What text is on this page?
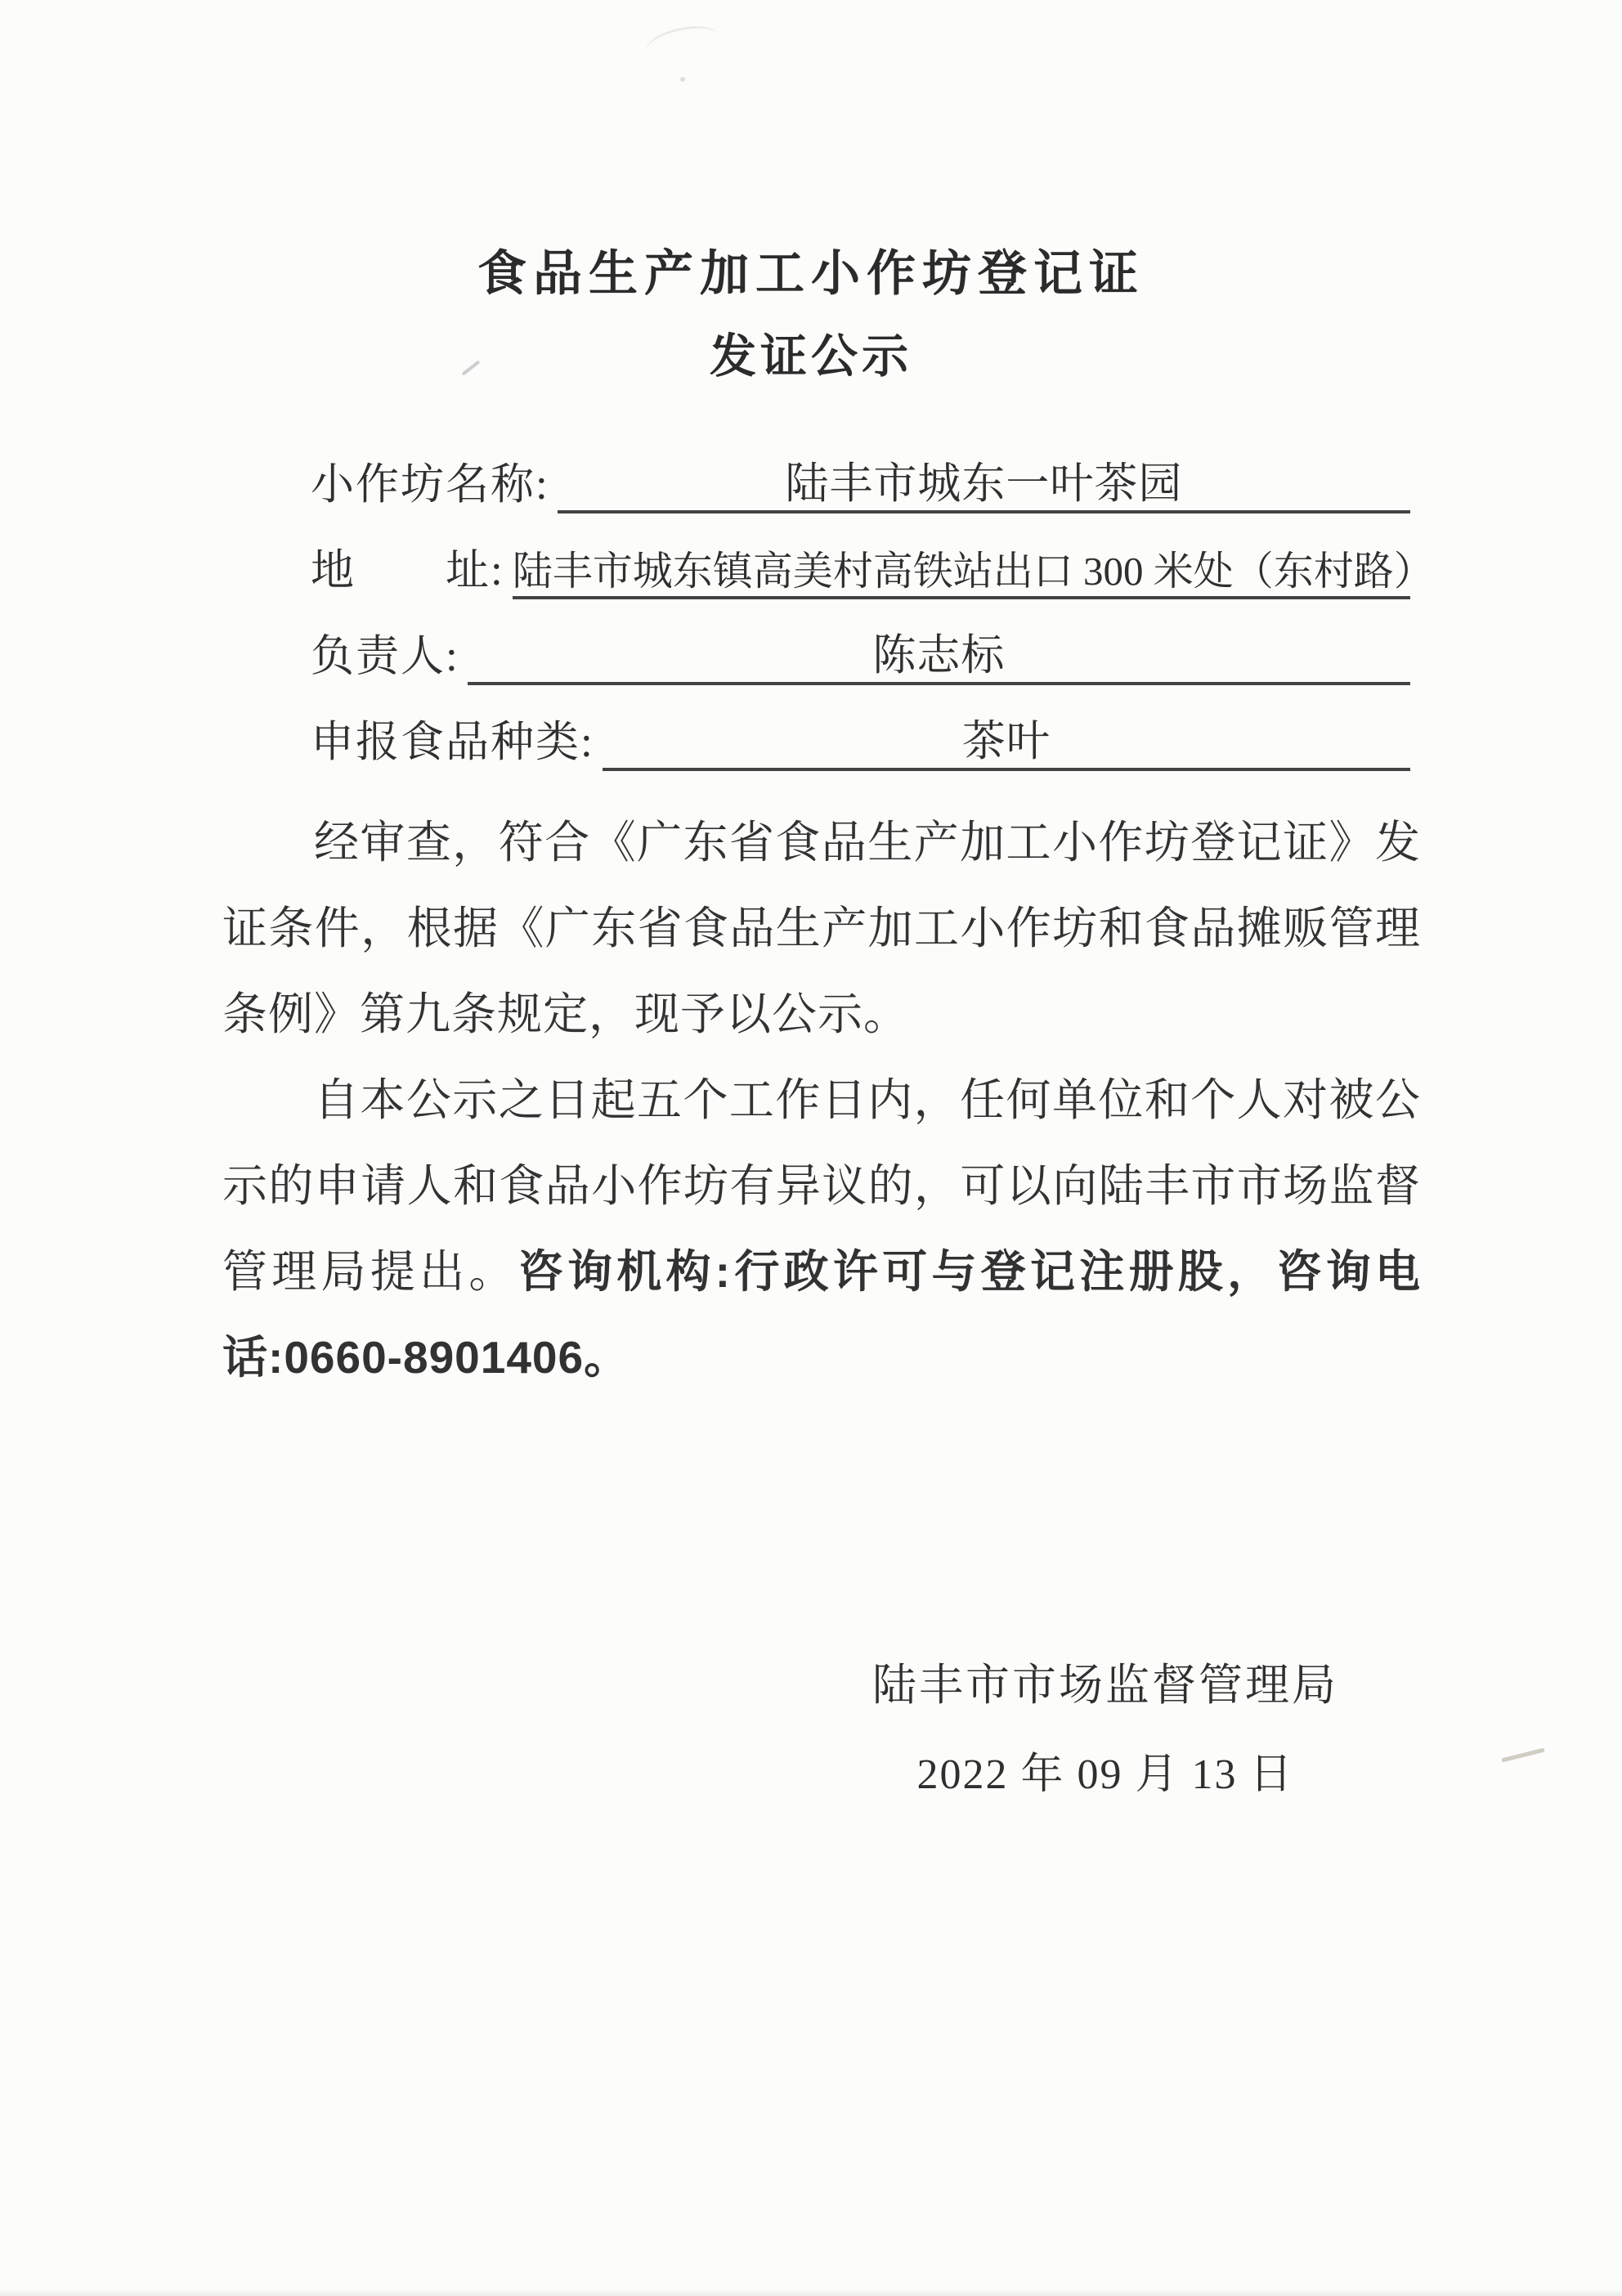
食品生产加工小作坊登记证
发证公示
小作坊名称:	陆丰市城东一叶茶园
地　　址: 陆丰市城东镇高美村高铁站出口 300 米处（东村路）
负责人:	陈志标
申报食品种类:	茶叶

经审查，符合《广东省食品生产加工小作坊登记证》发证条件，根据《广东省食品生产加工小作坊和食品摊贩管理条例》第九条规定，现予以公示。

自本公示之日起五个工作日内，任何单位和个人对被公示的申请人和食品小作坊有异议的，可以向陆丰市市场监督管理局提出。咨询机构:行政许可与登记注册股，咨询电话:0660-8901406。

陆丰市市场监督管理局
2022 年 09 月 13 日
